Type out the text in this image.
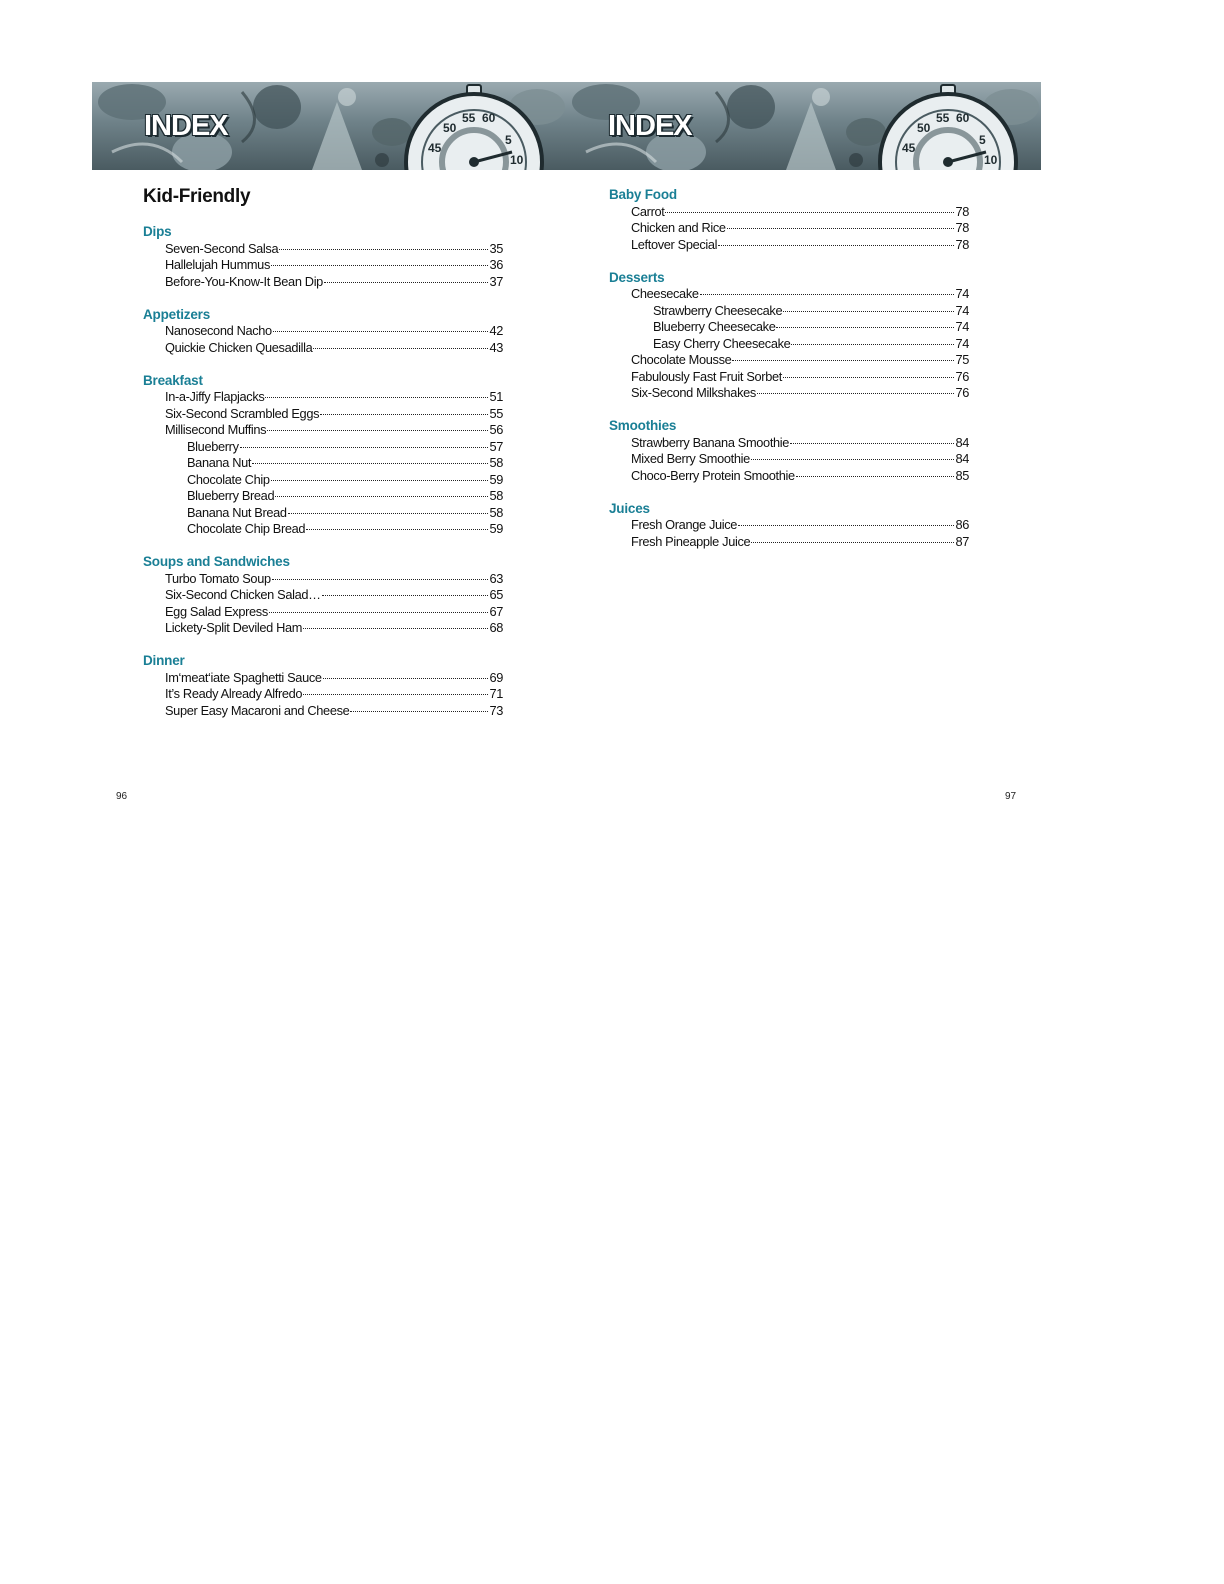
45
50
55 60
5
10
INDEX
45
50
55 60
5
10
INDEX
Kid-Friendly
Dips
Seven-Second Salsa	35
Hallelujah Hummus	36
Before-You-Know-It Bean Dip	37
Appetizers
Nanosecond Nacho	42
Quickie Chicken Quesadilla	43
Breakfast
In-a-Jiffy Flapjacks	51
Six-Second Scrambled Eggs	55
Millisecond Muffins	56
Blueberry	57
Banana Nut	58
Chocolate Chip	59
Blueberry Bread	58
Banana Nut Bread	58
Chocolate Chip Bread	59
Soups and Sandwiches
Turbo Tomato Soup	63
Six-Second Chicken Salad…	65
Egg Salad Express	67
Lickety-Split Deviled Ham	68
Dinner
Im‘meat‘iate Spaghetti Sauce	69
It’s Ready Already Alfredo	71
Super Easy Macaroni and Cheese	73
Baby Food
Carrot	78
Chicken and Rice	78
Leftover Special	78
Desserts
Cheesecake	74
Strawberry Cheesecake	74
Blueberry Cheesecake	74
Easy Cherry Cheesecake	74
Chocolate Mousse	75
Fabulously Fast Fruit Sorbet	76
Six-Second Milkshakes	76
Smoothies
Strawberry Banana Smoothie	84
Mixed Berry Smoothie	84
Choco-Berry Protein Smoothie	85
Juices
Fresh Orange Juice	86
Fresh Pineapple Juice	87
96	97
